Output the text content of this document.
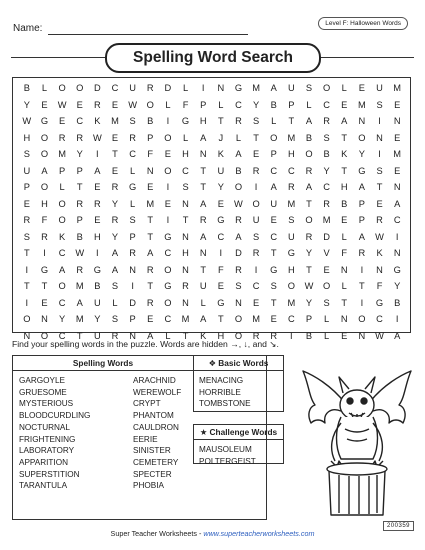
Name:	Level F: Halloween Words
Spelling Word Search
B	L	O	O	D	C	U	R	D	L	I	N	G	M	A	U	S	O	L	E	U	M
Y	E	W	E	R	E	W	O	L	F	P	L	C	Y	B	P	L	C	E	M	S	E
W	G	E	C	K	M	S	B	I	G	H	T	R	S	L	T	A	R	A	N	I	N
H	O	R	R	W	E	R	P	O	L	A	J	L	T	O	M	B	S	T	O	N	E
S	O	M	Y	I	T	C	F	E	H	N	K	A	E	P	H	O	B	K	Y	I	M
U	A	P	P	A	E	L	N	O	C	T	U	B	R	C	C	R	Y	T	G	S	E
P	O	L	T	E	R	G	E	I	S	T	Y	O	I	A	R	A	C	H	A	T	N
E	H	O	R	R	Y	L	M	E	N	A	E	W	O	U	M	T	R	B	P	E	A
R	F	O	P	E	R	S	T	I	T	R	G	R	U	E	S	O	M	E	P	R	C
S	R	K	B	H	Y	P	T	G	N	A	C	A	S	C	U	R	D	L	A	W	I
T	I	C	W	I	A	R	A	C	H	N	I	D	R	T	G	Y	V	F	R	K	N
I	G	A	R	G	A	N	R	O	N	T	F	R	I	G	H	T	E	N	I	N	G
T	T	O	M	B	S	I	T	G	R	U	E	S	C	S	O	W	O	L	T	F	Y
I	E	C	A	U	L	D	R	O	N	L	G	N	E	T	M	Y	S	T	I	G	B
O	N	Y	M	Y	S	P	E	C	M	A	T	O	M	E	C	P	L	N	O	C	I
N	O	C	T	U	R	N	A	L	T	K	H	O	R	R	I	B	L	E	N	W	A
Find your spelling words in the puzzle. Words are hidden →, ↓, and ↘.
Spelling Words
GARGOYLE
GRUESOME
MYSTERIOUS
BLOODCURDLING
NOCTURNAL
FRIGHTENING
LABORATORY
APPARITION
SUPERSTITION
TARANTULA
ARACHNID
WEREWOLF
CRYPT
PHANTOM
CAULDRON
EERIE
SINISTER
CEMETERY
SPECTER
PHOBIA
❖ Basic Words
MENACING
HORRIBLE
TOMBSTONE
★ Challenge Words
MAUSOLEUM
POLTERGEIST
Super Teacher Worksheets - www.superteacherworksheets.com
200359
